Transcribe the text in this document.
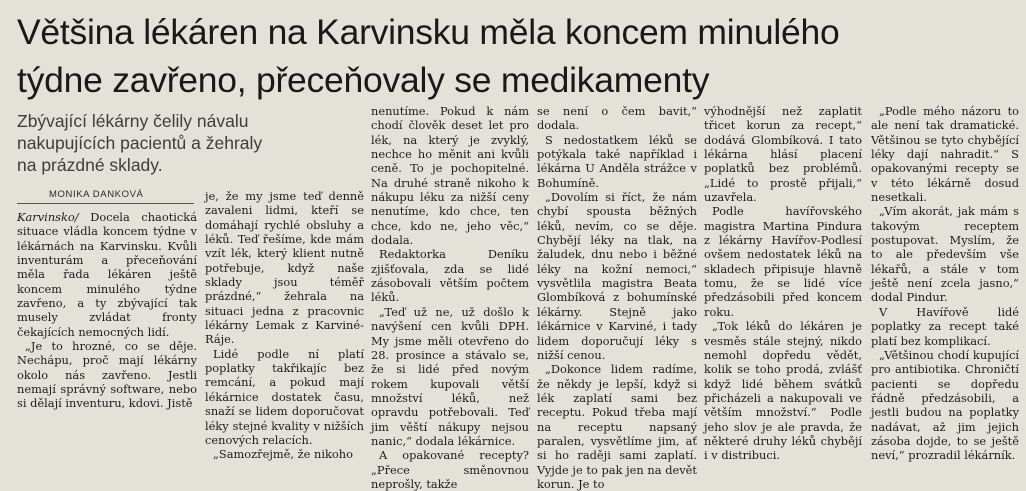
Většina lékáren na Karvinsku měla koncem minulého
týdne zavřeno, přeceňovaly se medikamenty

Zbývající lékárny čelily návalu
nakupujících pacientů a žehraly
na prázdné sklady.

MONIKA DANKOVÁ

Karvinsko/ Docela chaotická situace vládla koncem týdne v lékárnách na Karvinsku. Kvůli inventurám a přeceňování měla řada lékáren ještě koncem minulého týdne zavřeno, a ty zbývající tak musely zvládat fronty čekajících nemocných lidí.

„Je to hrozné, co se děje. Nechápu, proč mají lékárny okolo nás zavřeno. Jestli nemají správný software, nebo si dělají inventuru, kdovi. Jistě

je, že my jsme teď denně zavaleni lidmi, kteří se domáhají rychlé obsluhy a léků. Teď řešíme, kde mám vzít lék, který klient nutně potřebuje, když naše sklady jsou téměř prázdné,“ žehrala na situaci jedna z pracovnic lékárny Lemak z Karviné-Ráje.

Lidé podle ní platí poplatky takřikajíc bez remcání, a pokud mají lékárnice dostatek času, snaží se lidem doporučovat léky stejné kvality v nižších cenových relacích.

„Samozřejmě, že nikoho

nenutíme. Pokud k nám chodí člověk deset let pro lék, na který je zvyklý, nechce ho měnit ani kvůli ceně. To je pochopitelné. Na druhé straně nikoho k nákupu léku za nižší ceny nenutíme, kdo chce, ten chce, kdo ne, jeho věc,“ dodala.

Redaktorka Deníku zjišťovala, zda se lidé zásobovali větším počtem léků.

„Teď už ne, už došlo k navýšení cen kvůli DPH. My jsme měli otevřeno do 28. prosince a stávalo se, že si lidé před novým rokem kupovali větší množství léků, než opravdu potřebovali. Teď jim věští nákupy nejsou nanic,“ dodala lékárnice.

A opakované recepty? „Přece směnovnou neprošly, takže

se není o čem bavit,“ dodala.

S nedostatkem léků se potýkala také například i lékárna U Anděla strážce v Bohumíně.

„Dovolím si říct, že nám chybí spousta běžných léků, nevím, co se děje. Chybějí léky na tlak, na žaludek, dnu nebo i běžné léky na kožní nemoci,“ vysvětlila magistra Beata Glombíková z bohumínské lékárny. Stejně jako lékárnice v Karviné, i tady lidem doporučují léky s nižší cenou.

„Dokonce lidem radíme, že někdy je lepší, když si lék zaplatí sami bez receptu. Pokud třeba mají na receptu napsaný paralen, vysvětlíme jim, ať si ho raději sami zaplatí. Vyjde je to pak jen na devět korun. Je to

výhodnější než zaplatit třicet korun za recept,“ dodává Glombíková. I tato lékárna hlásí placení poplatků bez problémů. „Lidé to prostě přijali,“ uzavřela.

Podle havířovského magistra Martina Pindura z lékárny Havířov-Podlesí ovšem nedostatek léků na skladech připisuje hlavně tomu, že se lidé více předzásobili před koncem roku.

„Tok léků do lékáren je vesměs stále stejný, nikdo nemohl dopředu vědět, kolik se toho prodá, zvlášť když lidé během svátků přicházeli a nakupovali ve větším množství.“ Podle jeho slov je ale pravda, že některé druhy léků chybějí i v distribuci.

„Podle mého názoru to ale není tak dramatické. Většinou se tyto chybějící léky dají nahradit.“ S opakovanými recepty se v této lékárně dosud nesetkali.

„Vím akorát, jak mám s takovým receptem postupovat. Myslím, že to ale především vše lékařů, a stále v tom ještě není zcela jasno,“ dodal Pindur.

V Havířově lidé poplatky za recept také platí bez komplikací.

„Většinou chodí kupující pro antibiotika. Chroničtí pacienti se dopředu řádně předzásobili, a jestli budou na poplatky nadávat, až jim jejich zásoba dojde, to se ještě neví,“ prozradil lékárník.
